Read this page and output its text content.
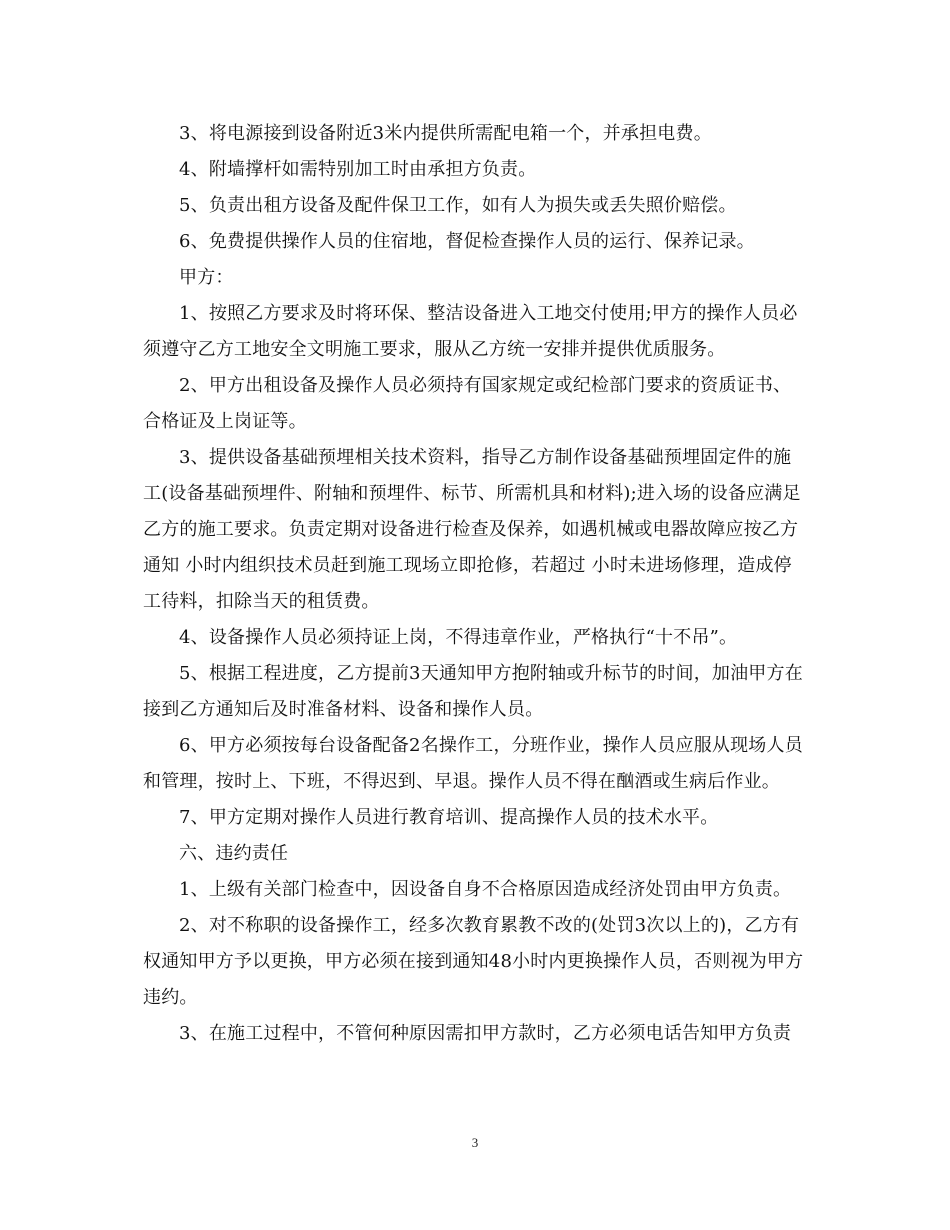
3、将电源接到设备附近3米内提供所需配电箱一个，并承担电费。

4、附墙撑杆如需特别加工时由承担方负责。

5、负责出租方设备及配件保卫工作，如有人为损失或丢失照价赔偿。

6、免费提供操作人员的住宿地，督促检查操作人员的运行、保养记录。

甲方：

1、按照乙方要求及时将环保、整洁设备进入工地交付使用;甲方的操作人员必须遵守乙方工地安全文明施工要求，服从乙方统一安排并提供优质服务。

2、甲方出租设备及操作人员必须持有国家规定或纪检部门要求的资质证书、合格证及上岗证等。

3、提供设备基础预埋相关技术资料，指导乙方制作设备基础预埋固定件的施工(设备基础预埋件、附轴和预埋件、标节、所需机具和材料);进入场的设备应满足乙方的施工要求。负责定期对设备进行检查及保养，如遇机械或电器故障应按乙方通知 小时内组织技术员赶到施工现场立即抢修，若超过 小时未进场修理，造成停工待料，扣除当天的租赁费。

4、设备操作人员必须持证上岗，不得违章作业，严格执行“十不吊”。

5、根据工程进度，乙方提前3天通知甲方抱附轴或升标节的时间，加油甲方在接到乙方通知后及时准备材料、设备和操作人员。

6、甲方必须按每台设备配备2名操作工，分班作业，操作人员应服从现场人员和管理，按时上、下班，不得迟到、早退。操作人员不得在酗酒或生病后作业。

7、甲方定期对操作人员进行教育培训、提高操作人员的技术水平。

六、违约责任

1、上级有关部门检查中，因设备自身不合格原因造成经济处罚由甲方负责。

2、对不称职的设备操作工，经多次教育累教不改的(处罚3次以上的)，乙方有权通知甲方予以更换，甲方必须在接到通知48小时内更换操作人员，否则视为甲方违约。

3、在施工过程中，不管何种原因需扣甲方款时，乙方必须电话告知甲方负责

3
